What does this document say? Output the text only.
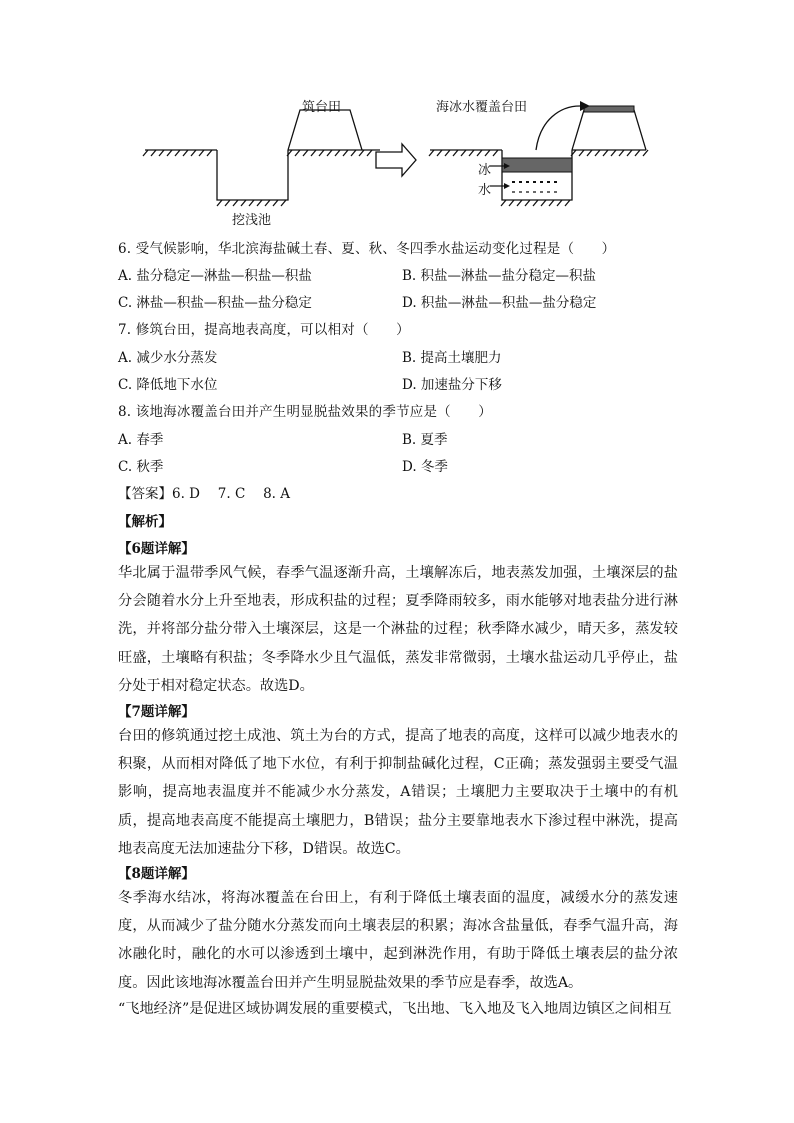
筑台田
挖浅池
海冰水覆盖台田
冰
水
6. 受气候影响，华北滨海盐碱土春、夏、秋、冬四季水盐运动变化过程是（　　）
A. 盐分稳定—淋盐—积盐—积盐	B. 积盐—淋盐—盐分稳定—积盐
C. 淋盐—积盐—积盐—盐分稳定	D. 积盐—淋盐—积盐—盐分稳定
7. 修筑台田，提高地表高度，可以相对（　　）
A. 减少水分蒸发	B. 提高土壤肥力
C. 降低地下水位	D. 加速盐分下移
8. 该地海冰覆盖台田并产生明显脱盐效果的季节应是（　　）
A. 春季	B. 夏季
C. 秋季	D. 冬季
【答案】6. D　 7. C　 8. A
【解析】
【6题详解】
华北属于温带季风气候，春季气温逐渐升高，土壤解冻后，地表蒸发加强，土壤深层的盐分会随着水分上升至地表，形成积盐的过程；夏季降雨较多，雨水能够对地表盐分进行淋洗，并将部分盐分带入土壤深层，这是一个淋盐的过程；秋季降水减少，晴天多，蒸发较旺盛，土壤略有积盐；冬季降水少且气温低，蒸发非常微弱，土壤水盐运动几乎停止，盐分处于相对稳定状态。故选D。
【7题详解】
台田的修筑通过挖土成池、筑土为台的方式，提高了地表的高度，这样可以减少地表水的积聚，从而相对降低了地下水位，有利于抑制盐碱化过程，C正确；蒸发强弱主要受气温影响，提高地表温度并不能减少水分蒸发，A错误；土壤肥力主要取决于土壤中的有机质，提高地表高度不能提高土壤肥力，B错误；盐分主要靠地表水下渗过程中淋洗，提高地表高度无法加速盐分下移，D错误。故选C。
【8题详解】
冬季海水结冰，将海冰覆盖在台田上，有利于降低土壤表面的温度，减缓水分的蒸发速度，从而减少了盐分随水分蒸发而向土壤表层的积累；海冰含盐量低，春季气温升高，海冰融化时，融化的水可以渗透到土壤中，起到淋洗作用，有助于降低土壤表层的盐分浓度。因此该地海冰覆盖台田并产生明显脱盐效果的季节应是春季，故选A。
“飞地经济”是促进区域协调发展的重要模式，飞出地、飞入地及飞入地周边镇区之间相互
